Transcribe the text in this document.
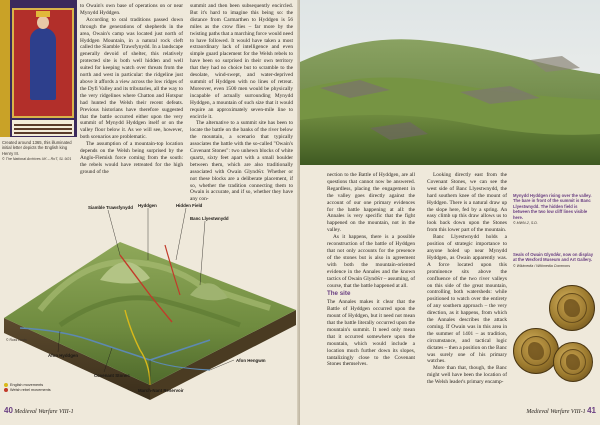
Created around 1365, this illuminated initial letter depicts the English king Henry III.
© The National Archives UK – RoT, SL 9/21

to Owain's own base of operations on or near Mynydd Hyddgen.

According to oral traditions passed down through the generations of shepherds in the area, Owain's camp was located just north of Hyddgen Mountain, in a natural rock cleft called the Siamble Trawsfynydd. In a landscape generally devoid of shelter, this relatively protected site is both well hidden and well suited for keeping watch over threats from the north and west in particular: the ridgeline just above it affords a view across the low ridges of the Dyfi Valley and its tributaries, all the way to the very ridgelines where Chatton and Hotspur had hunted the Welsh their recent defeats. Previous historians have therefore suggested that the battle occurred either upon the very summit of Mynydd Hyddgen itself or on the valley floor below it. As we will see, however, both scenarios are problematic.

The assumption of a mountain-top location depends on the Welsh being surprised by the Anglo-Flemish force coming from the south: the rebels would have retreated for the high ground of the

summit and then been subsequently encircled. But it's hard to imagine this being so: the distance from Carmarthen to Hyddgen is 56 miles as the crow flies – far more by the twisting paths that a marching force would need to have followed. It would have taken a most extraordinary lack of intelligence and even simple guard placement for the Welsh rebels to have been so surprised in their own territory that they had no choice but to scramble to the desolate, wind-swept, and water-deprived summit of Hyddgen with no lines of retreat. Moreover, even 1500 men would be physically incapable of actually surrounding Mynydd Hyddgen, a mountain of such size that it would require an approximately seven-mile line to encircle it.

The alternative to a summit site has been to locate the battle on the banks of the river below the mountain, a scenario that typically associates the battle with the so-called "Owain's Covenant Stones": two unhewn blocks of white quartz, sixty feet apart with a small boulder between them, which are also traditionally associated with Owain Glyndŵr. Whether or not these blocks are a deliberate placement, if so, whether the tradition connecting them to Owain is accurate, and if so, whether they have any con-

Siamble Trawsfynydd Hyddgen	Hidden Field
Banc Llyestwnydd
Afon Hyddgen
Covenant Stones
March-Nant Reservoir
Afon Hengwm
© Ross Lewis
English movements
Welsh rebel movements
40 Medieval Warfare VIII-1	Medieval Warfare VIII-1 41

nection to the Battle of Hyddgen, are all questions that cannot now be answered. Regardless, placing the engagement in the valley goes directly against the account of our one primary evidences for the battle happening at all: the Annales is very specific that the fight happened on the mountain, not in the valley.

As it happens, there is a possible reconstruction of the battle of Hyddgen that not only accounts for the presence of the stones but is also in agreement with both the mountain-oriented evidence in the Annales and the known tactics of Owain Glyndŵr – assuming, of course, that the battle happened at all.

The site

The Annales makes it clear that the Battle of Hyddgen occurred upon the mount of Hyddgen, but it need not mean that the battle literally occurred upon the mountain's summit. It need only mean that it occurred somewhere upon the mountain, which would include a location much further down its slopes, tantalizingly close to the Covenant Stones themselves.

Looking directly east from the Covenant Stones, we can see the west side of Banc Llyestwnydd, the hard southern knee of the mount of Hyddgen. There is a natural draw up the slope here, fed by a spring. An easy climb up this draw allows us to look back down upon the Stones from this lower part of the mountain.

Banc Llyestwnydd holds a position of strategic importance to anyone holed up near Mynydd Hyddgen, as Owain apparently was. A force located upon this prominence sits above the confluence of the two river valleys on this side of the great mountain, controlling both watersheds: while positioned to watch over the entirety of any southern approach – the very direction, as it happens, from which the Annales describes the attack coming. If Owain was in this area in the summer of 1401 – as tradition, circumstance, and tactical logic dictates – then a position on the Banc was surely one of his primary watches.

More than that, though, the Banc might well have been the location of the Welsh leader's primary encamp-

Mynydd Hyddgen rising over the valley. The bare in front of the summit is Banc Llyestwnydd. The hidden field is between the two low cliff lines visible here.
© MWN-2, S.D.
Seals of Owain Glyndŵr, now on display at the Wexford Museum and Art Gallery.
© Wikimedia / Wikimedia Commons
